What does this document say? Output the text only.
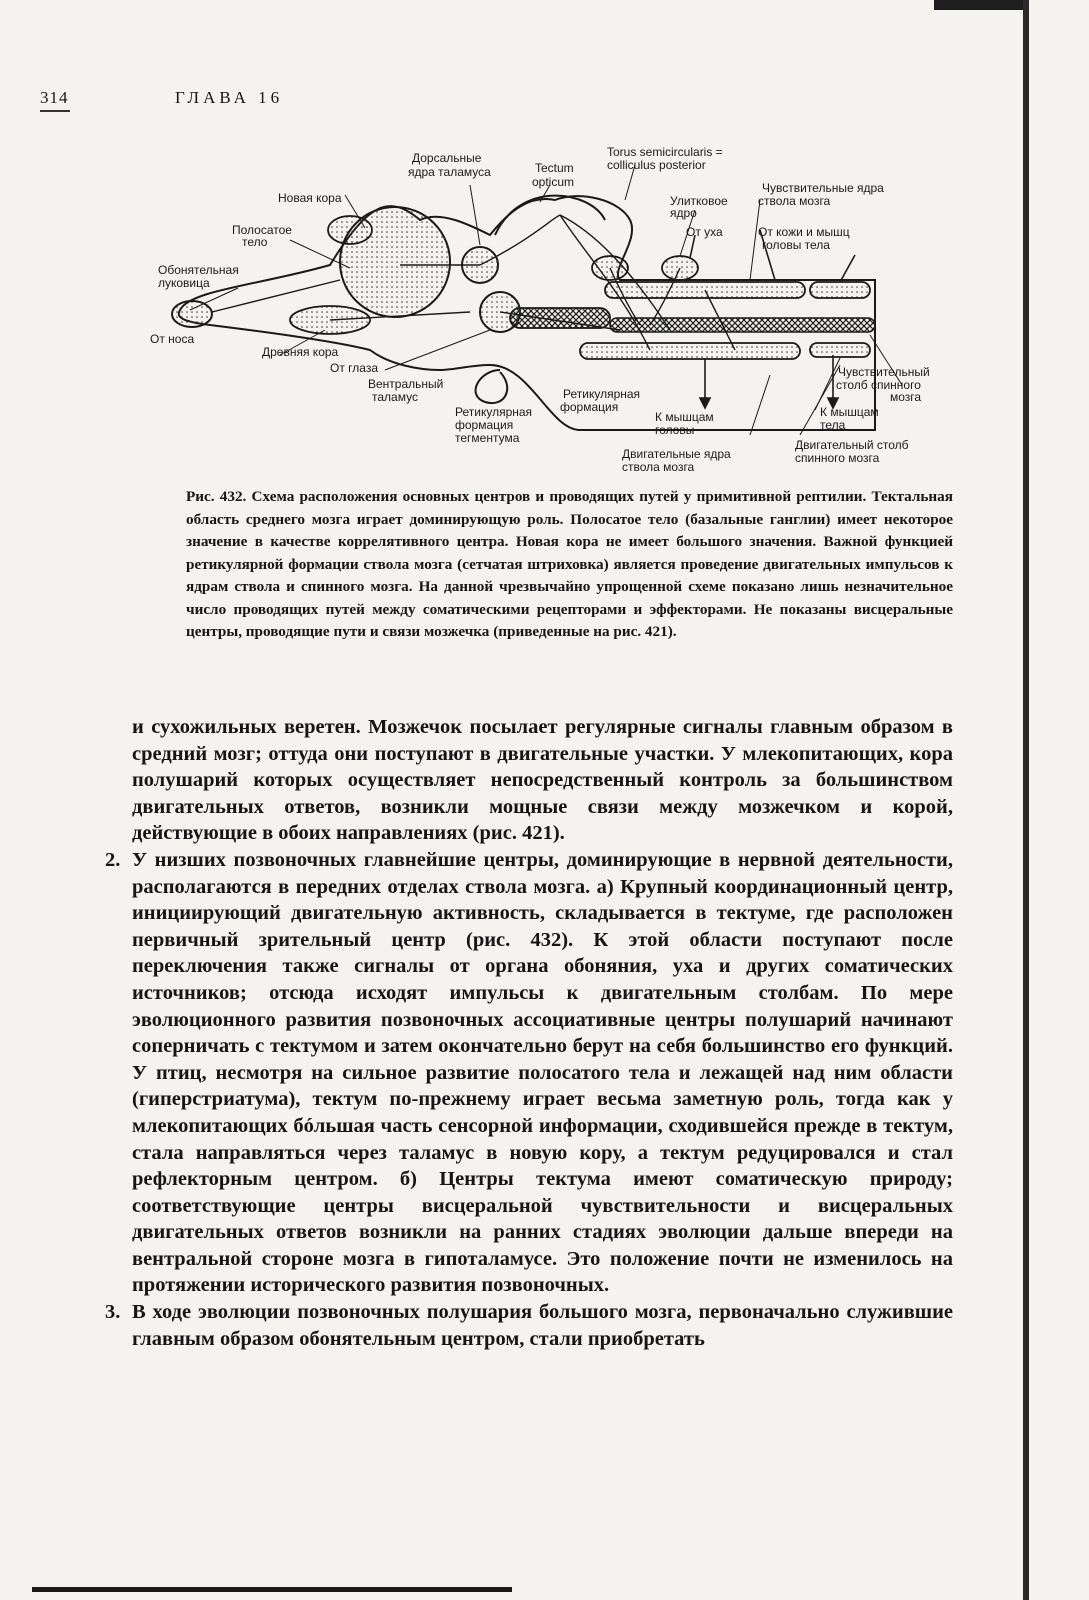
314	ГЛАВА 16
Дорсальные
ядра таламуса	Tectum
opticum
Torus semicircularis =
colliculus posterior
Чувствительные ядра
ствола мозга
Улитковое
ядро
Новая кора
От уха	От кожи и мышц
головы тела
Полосатое
тело
Обонятельная
луковица
От носа
Древняя кора
От глаза
Вентральный
таламус	Ретикулярная
формация
Ретикулярная
формация
тегментума
К мышцам
головы
Двигательные ядра
ствола мозга
Чувствительный
столб спинного
мозга
К мышцам
тела
Двигательный столб
спинного мозга
Рис. 432. Схема расположения основных центров и проводящих путей у примитивной рептилии. Тектальная область среднего мозга играет доминирующую роль. Полосатое тело (базальные ганглии) имеет некоторое значение в качестве коррелятивного центра. Новая кора не имеет большого значения. Важной функцией ретикулярной формации ствола мозга (сетчатая штриховка) является проведение двигательных импульсов к ядрам ствола и спинного мозга. На данной чрезвычайно упрощенной схеме показано лишь незначительное число проводящих путей между соматическими рецепторами и эффекторами. Не показаны висцеральные центры, проводящие пути и связи мозжечка (приведенные на рис. 421).

и сухожильных веретен. Мозжечок посылает регулярные сигналы главным образом в средний мозг; оттуда они поступают в двигательные участки. У млекопитающих, кора полушарий которых осуществляет непосредственный контроль за большинством двигательных ответов, возникли мощные связи между мозжечком и корой, действующие в обоих направлениях (рис. 421).

2. У низших позвоночных главнейшие центры, доминирующие в нервной деятельности, располагаются в передних отделах ствола мозга. а) Крупный координационный центр, инициирующий двигательную активность, складывается в тектуме, где расположен первичный зрительный центр (рис. 432). К этой области поступают после переключения также сигналы от органа обоняния, уха и других соматических источников; отсюда исходят импульсы к двигательным столбам. По мере эволюционного развития позвоночных ассоциативные центры полушарий начинают соперничать с тектумом и затем окончательно берут на себя большинство его функций. У птиц, несмотря на сильное развитие полосатого тела и лежащей над ним области (гиперстриатума), тектум по-прежнему играет весьма заметную роль, тогда как у млекопитающих бóльшая часть сенсорной информации, сходившейся прежде в тектум, стала направляться через таламус в новую кору, а тектум редуцировался и стал рефлекторным центром. б) Центры тектума имеют соматическую природу; соответствующие центры висцеральной чувствительности и висцеральных двигательных ответов возникли на ранних стадиях эволюции дальше впереди на вентральной стороне мозга в гипоталамусе. Это положение почти не изменилось на протяжении исторического развития позвоночных.
3. В ходе эволюции позвоночных полушария большого мозга, первоначально служившие главным образом обонятельным центром, стали приобретать
